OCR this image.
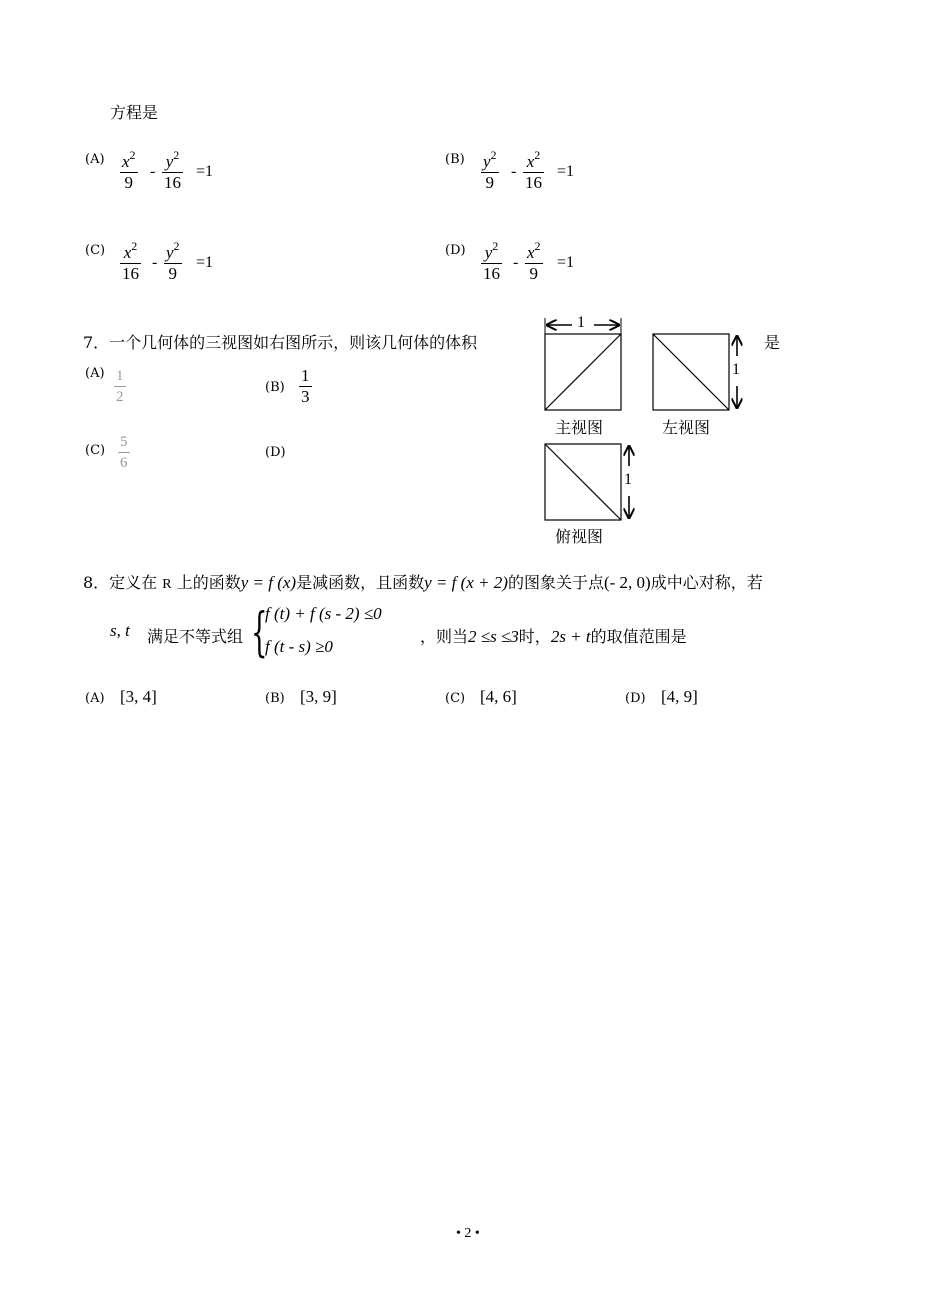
方程是
$(A) \frac{x^2}{9} - \frac{y^2}{16} =1$
$(B) \frac{y^2}{9} - \frac{x^2}{16} =1$
$(C) \frac{x^2}{16} - \frac{y^2}{9} =1$
$(D) \frac{y^2}{16} - \frac{x^2}{9} =1$
7．一个几何体的三视图如右图所示，则该几何体的体积	是
$(A) \frac{1}{2}$	$(B) \frac{1}{3}$
$(C) \frac{5}{6}$	(D)
1
1
1
主视图	左视图
俯视图
8．定义在 R 上的函数y = f (x)是减函数，且函数y = f (x + 2)的图象关于点(- 2, 0)成中心对称，若
s, t 满足不等式组 {
f (t) + f (s - 2) ≤0
f (t - s) ≥0
，则当2 ≤s ≤3时，2s + t的取值范围是
(A) [3, 4]	(B) [3, 9]	(C) [4, 6]	(D) [4, 9]
• 2 •
